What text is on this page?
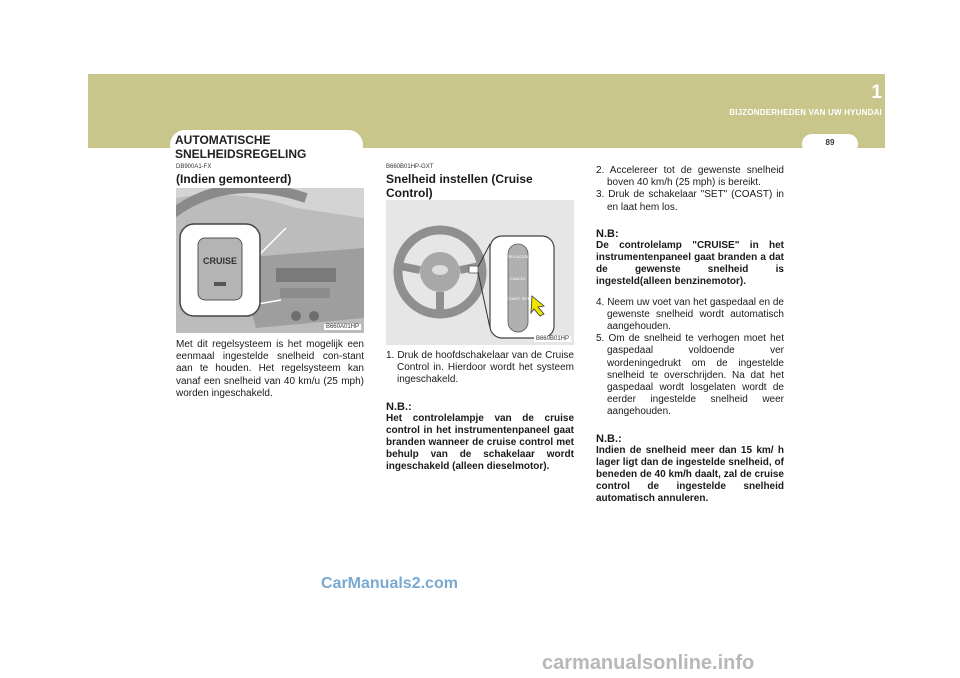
1
BIJZONDERHEDEN VAN UW HYUNDAI
89
AUTOMATISCHE SNELHEIDSREGELING

DB900A1-FX

(Indien gemonteerd)

CRUISE
B660A01HP

Met dit regelsysteem is het mogelijk een eenmaal ingestelde snelheid con-stant aan te houden. Het regelsysteem kan vanaf een snelheid van 40 km/u (25 mph) worden ingeschakeld.

B660B01HP-GXT

Snelheid instellen (Cruise Control)

RES ACCEL
CANCEL
COAST SET
B660B01HP
1. Druk de hoofdschakelaar van de Cruise Control in. Hierdoor wordt het systeem ingeschakeld.

N.B.:

Het controlelampje van de cruise control in het instrumentenpaneel gaat branden wanneer de cruise control met behulp van de schakelaar wordt ingeschakeld (alleen dieselmotor).

2. Accelereer tot de gewenste snelheid boven 40 km/h (25 mph) is bereikt.
3. Druk de schakelaar "SET" (COAST) in en laat hem los.

N.B:

De controlelamp "CRUISE" in het instrumentenpaneel gaat branden a dat de gewenste snelheid is ingesteld(alleen benzinemotor).

4. Neem uw voet van het gaspedaal en de gewenste snelheid wordt automatisch aangehouden.
5. Om de snelheid te verhogen moet het gaspedaal voldoende ver wordeningedrukt om de ingestelde snelheid te overschrijden. Na dat het gaspedaal wordt losgelaten wordt de eerder ingestelde snelheid weer aangehouden.

N.B.:

Indien de snelheid meer dan 15 km/ h lager ligt dan de ingestelde snelheid, of beneden de 40 km/h daalt, zal de cruise control de ingestelde snelheid automatisch annuleren.

CarManuals2.com
carmanualsonline.info
